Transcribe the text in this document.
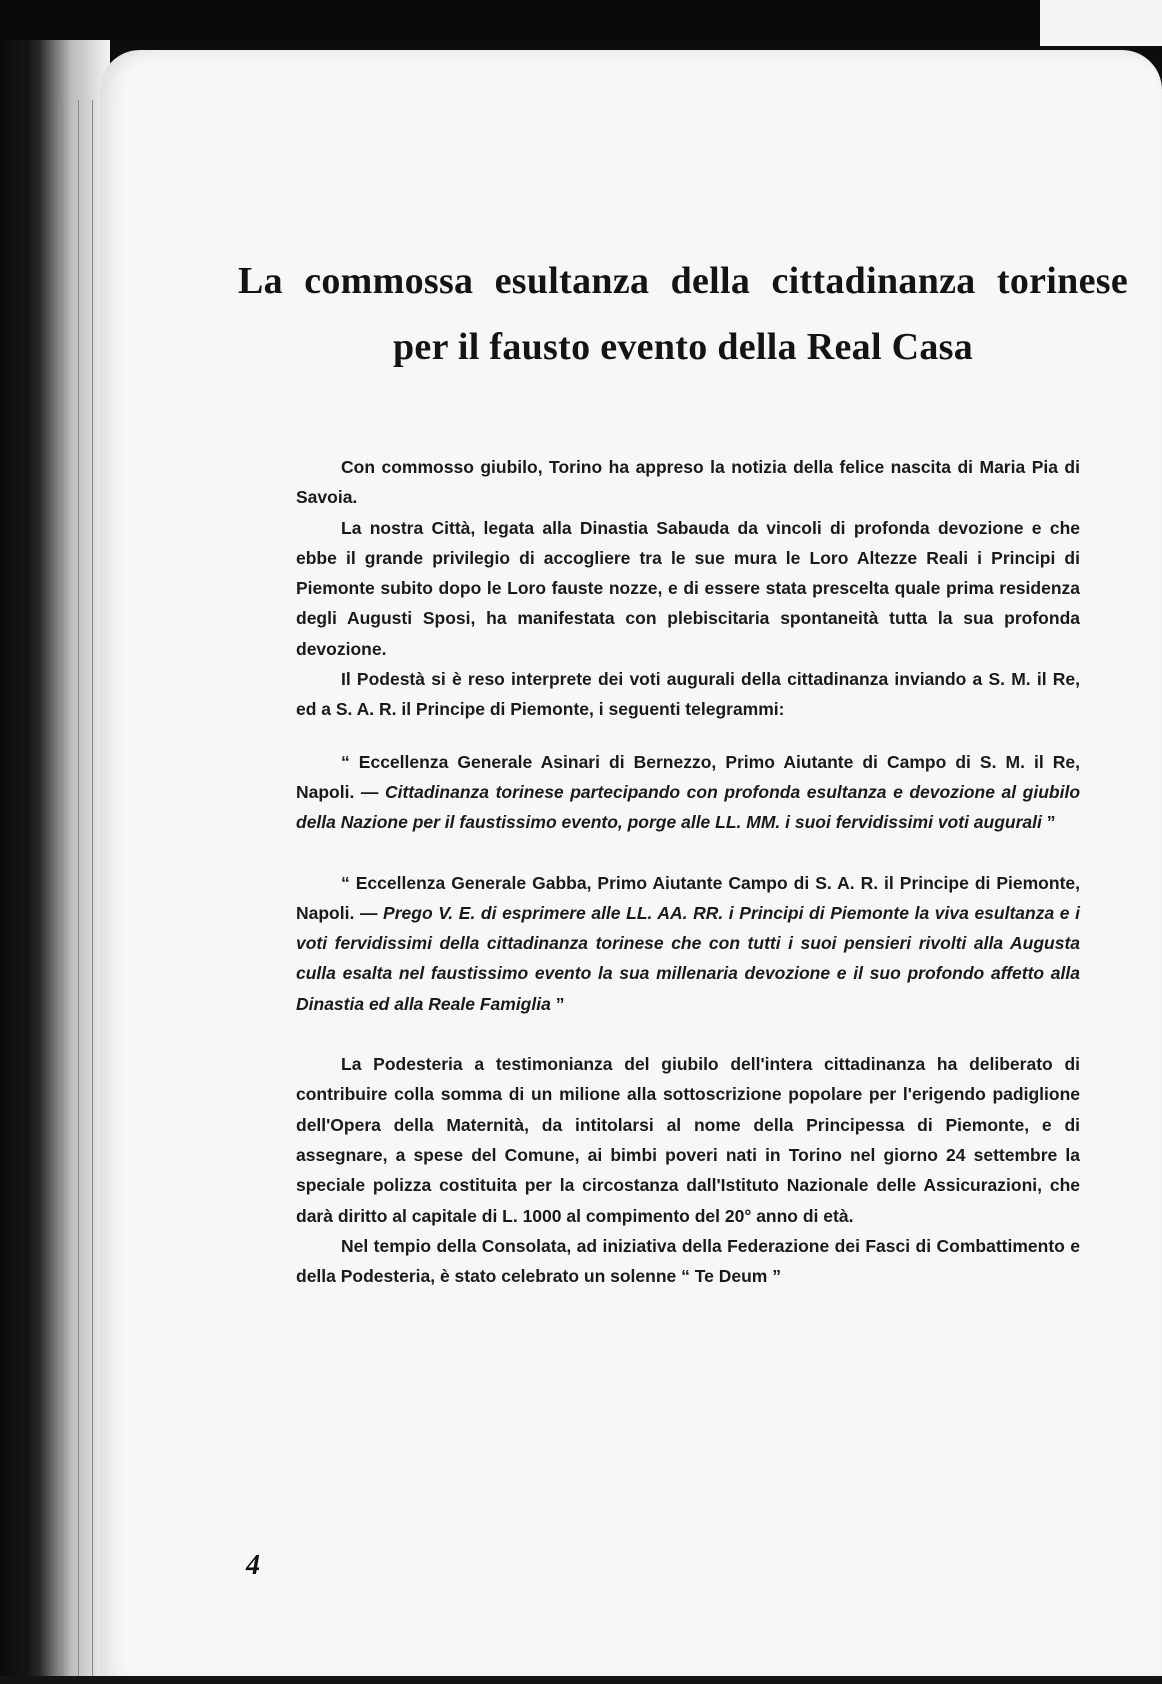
La commossa esultanza della cittadinanza torinese
per il fausto evento della Real Casa

Con commosso giubilo, Torino ha appreso la notizia della felice nascita di Maria Pia di Savoia.

La nostra Città, legata alla Dinastia Sabauda da vincoli di profonda devozione e che ebbe il grande privilegio di accogliere tra le sue mura le Loro Altezze Reali i Principi di Piemonte subito dopo le Loro fauste nozze, e di essere stata prescelta quale prima residenza degli Augusti Sposi, ha manifestata con plebiscitaria spontaneità tutta la sua profonda devozione.

Il Podestà si è reso interprete dei voti augurali della cittadinanza inviando a S. M. il Re, ed a S. A. R. il Principe di Piemonte, i seguenti telegrammi:

“ Eccellenza Generale Asinari di Bernezzo, Primo Aiutante di Campo di S. M. il Re, Napoli. — Cittadinanza torinese partecipando con profonda esultanza e devozione al giubilo della Nazione per il faustissimo evento, porge alle LL. MM. i suoi fervidissimi voti augurali ”

“ Eccellenza Generale Gabba, Primo Aiutante Campo di S. A. R. il Principe di Piemonte, Napoli. — Prego V. E. di esprimere alle LL. AA. RR. i Principi di Piemonte la viva esultanza e i voti fervidissimi della cittadinanza torinese che con tutti i suoi pensieri rivolti alla Augusta culla esalta nel faustissimo evento la sua millenaria devozione e il suo profondo affetto alla Dinastia ed alla Reale Famiglia ”

La Podesteria a testimonianza del giubilo dell'intera cittadinanza ha deliberato di contribuire colla somma di un milione alla sottoscrizione popolare per l'erigendo padiglione dell'Opera della Maternità, da intitolarsi al nome della Principessa di Piemonte, e di assegnare, a spese del Comune, ai bimbi poveri nati in Torino nel giorno 24 settembre la speciale polizza costituita per la circostanza dall'Istituto Nazionale delle Assicurazioni, che darà diritto al capitale di L. 1000 al compimento del 20° anno di età.

Nel tempio della Consolata, ad iniziativa della Federazione dei Fasci di Combattimento e della Podesteria, è stato celebrato un solenne “ Te Deum ”

4
